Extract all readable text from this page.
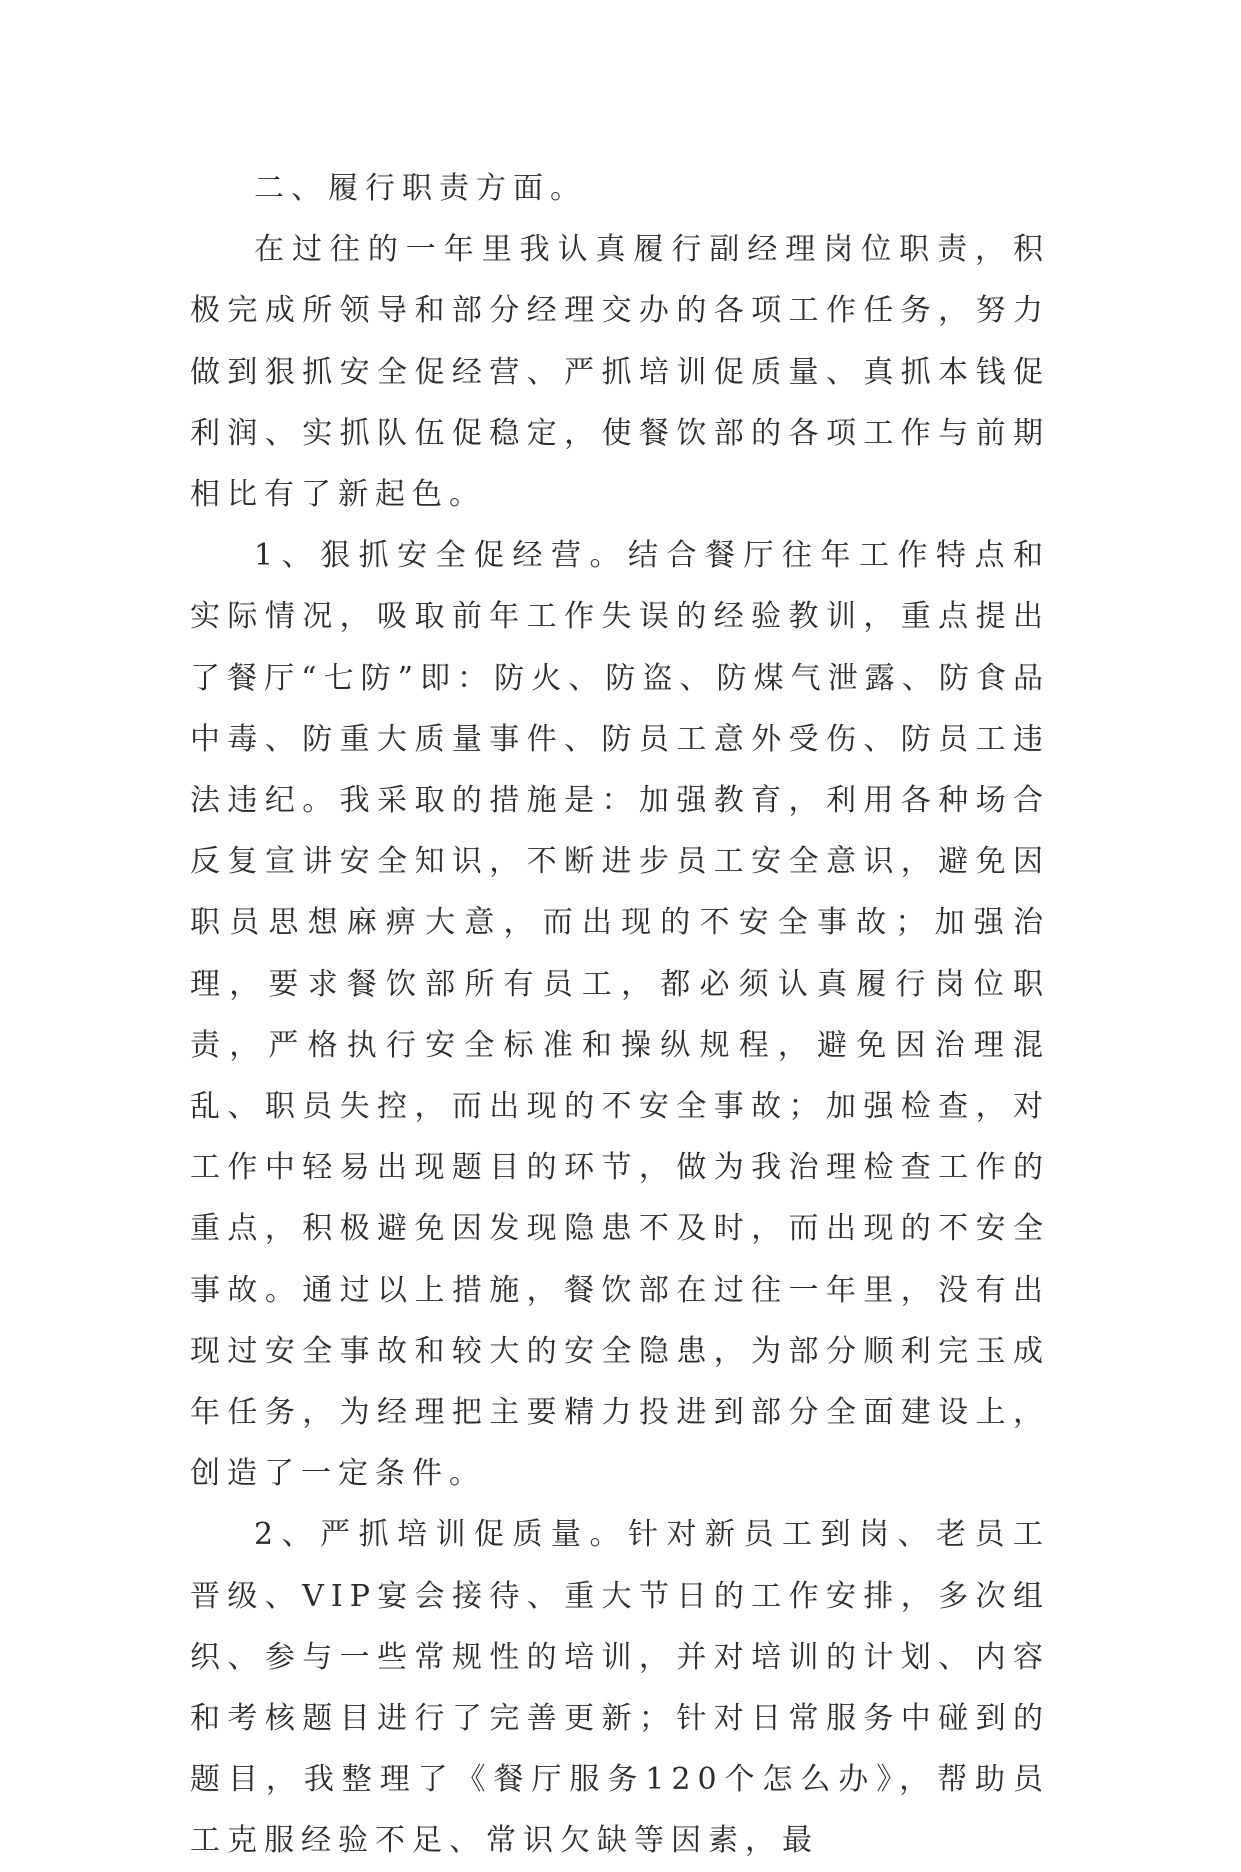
二、履行职责方面。

在过往的一年里我认真履行副经理岗位职责，积极完成所领导和部分经理交办的各项工作任务，努力做到狠抓安全促经营、严抓培训促质量、真抓本钱促利润、实抓队伍促稳定，使餐饮部的各项工作与前期相比有了新起色。

1、狠抓安全促经营。结合餐厅往年工作特点和实际情况，吸取前年工作失误的经验教训，重点提出了餐厅“七防”即：防火、防盗、防煤气泄露、防食品中毒、防重大质量事件、防员工意外受伤、防员工违法违纪。我采取的措施是：加强教育，利用各种场合反复宣讲安全知识，不断进步员工安全意识，避免因职员思想麻痹大意，而出现的不安全事故；加强治理，要求餐饮部所有员工，都必须认真履行岗位职责，严格执行安全标准和操纵规程，避免因治理混乱、职员失控，而出现的不安全事故；加强检查，对工作中轻易出现题目的环节，做为我治理检查工作的重点，积极避免因发现隐患不及时，而出现的不安全事故。通过以上措施，餐饮部在过往一年里，没有出现过安全事故和较大的安全隐患，为部分顺利完玉成年任务，为经理把主要精力投进到部分全面建设上，创造了一定条件。

2、严抓培训促质量。针对新员工到岗、老员工晋级、VIP宴会接待、重大节日的工作安排，多次组织、参与一些常规性的培训，并对培训的计划、内容和考核题目进行了完善更新；针对日常服务中碰到的题目，我整理了《餐厅服务120个怎么办》，帮助员工克服经验不足、常识欠缺等因素，最
